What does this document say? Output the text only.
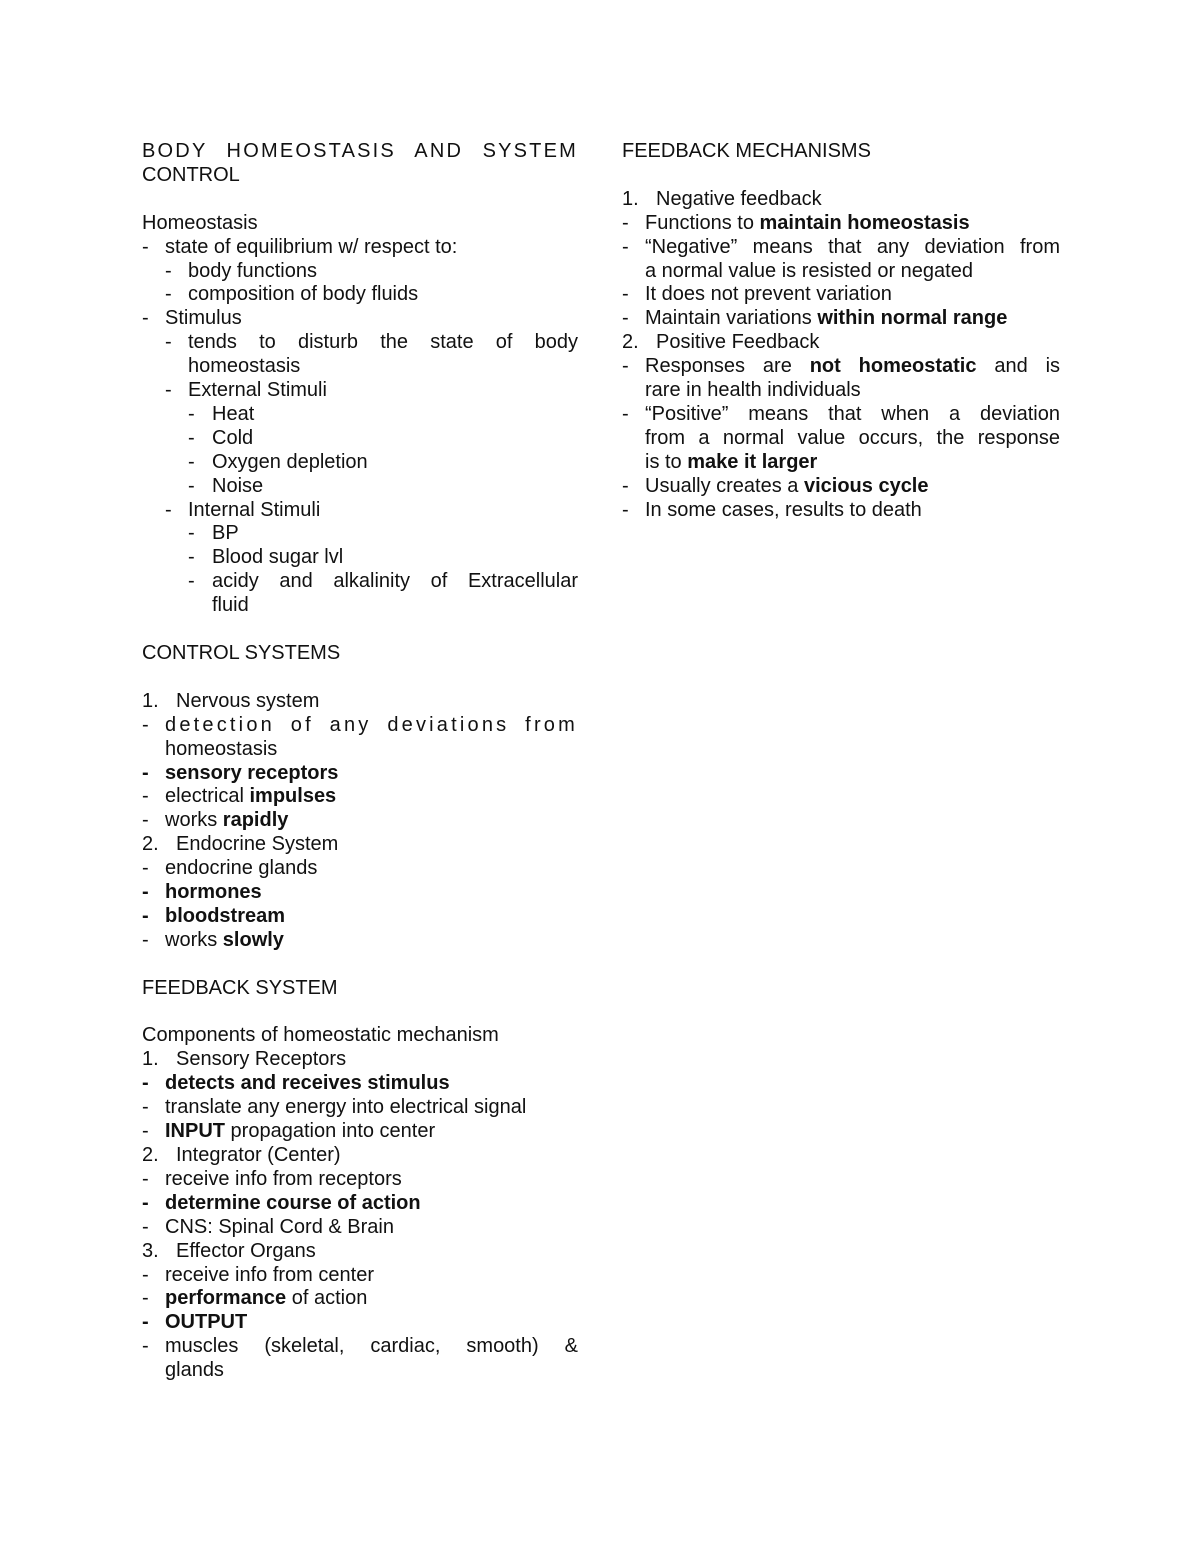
BODY HOMEOSTASIS AND SYSTEM
CONTROL
Homeostasis
- state of equilibrium w/ respect to:
- body functions
- composition of body fluids
- Stimulus
- tends to disturb the state of body
homeostasis
- External Stimuli
- Heat
- Cold
- Oxygen depletion
- Noise
- Internal Stimuli
- BP
- Blood sugar lvl
- acidy and alkalinity of Extracellular
fluid
CONTROL SYSTEMS
1. Nervous system
- detection of any deviations from
homeostasis
- sensory receptors
- electrical impulses
- works rapidly
2. Endocrine System
- endocrine glands
- hormones
- bloodstream
- works slowly
FEEDBACK SYSTEM
Components of homeostatic mechanism
1. Sensory Receptors
- detects and receives stimulus
- translate any energy into electrical signal
- INPUT propagation into center
2. Integrator (Center)
- receive info from receptors
- determine course of action
- CNS: Spinal Cord & Brain
3. Effector Organs
- receive info from center
- performance of action
- OUTPUT
- muscles (skeletal, cardiac, smooth) &
glands
FEEDBACK MECHANISMS
1. Negative feedback
- Functions to maintain homeostasis
- “Negative” means that any deviation from
a normal value is resisted or negated
- It does not prevent variation
- Maintain variations within normal range
2. Positive Feedback
- Responses are not homeostatic and is
rare in health individuals
- “Positive” means that when a deviation
from a normal value occurs, the response
is to make it larger
- Usually creates a vicious cycle
- In some cases, results to death
